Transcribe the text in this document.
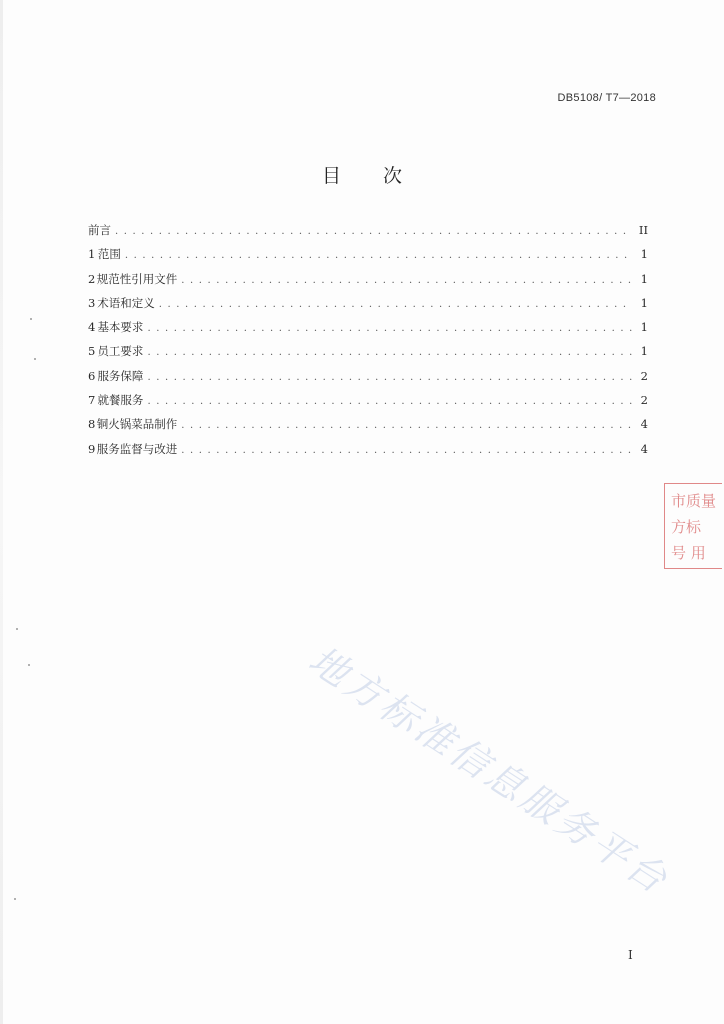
DB5108/ T7—2018
目 次
前言 . . .	II
1 范围 . . .	1
2 规范性引用文件 . . .	1
3 术语和定义 . . .	1
4 基本要求 . . .	1
5 员工要求 . . .	1
6 服务保障 . . .	2
7 就餐服务 . . .	2
8 铜火锅菜品制作 . . .	4
9 服务监督与改进 . . .	4
市质量
方标
号 用
地方标准信息服务平台
I
